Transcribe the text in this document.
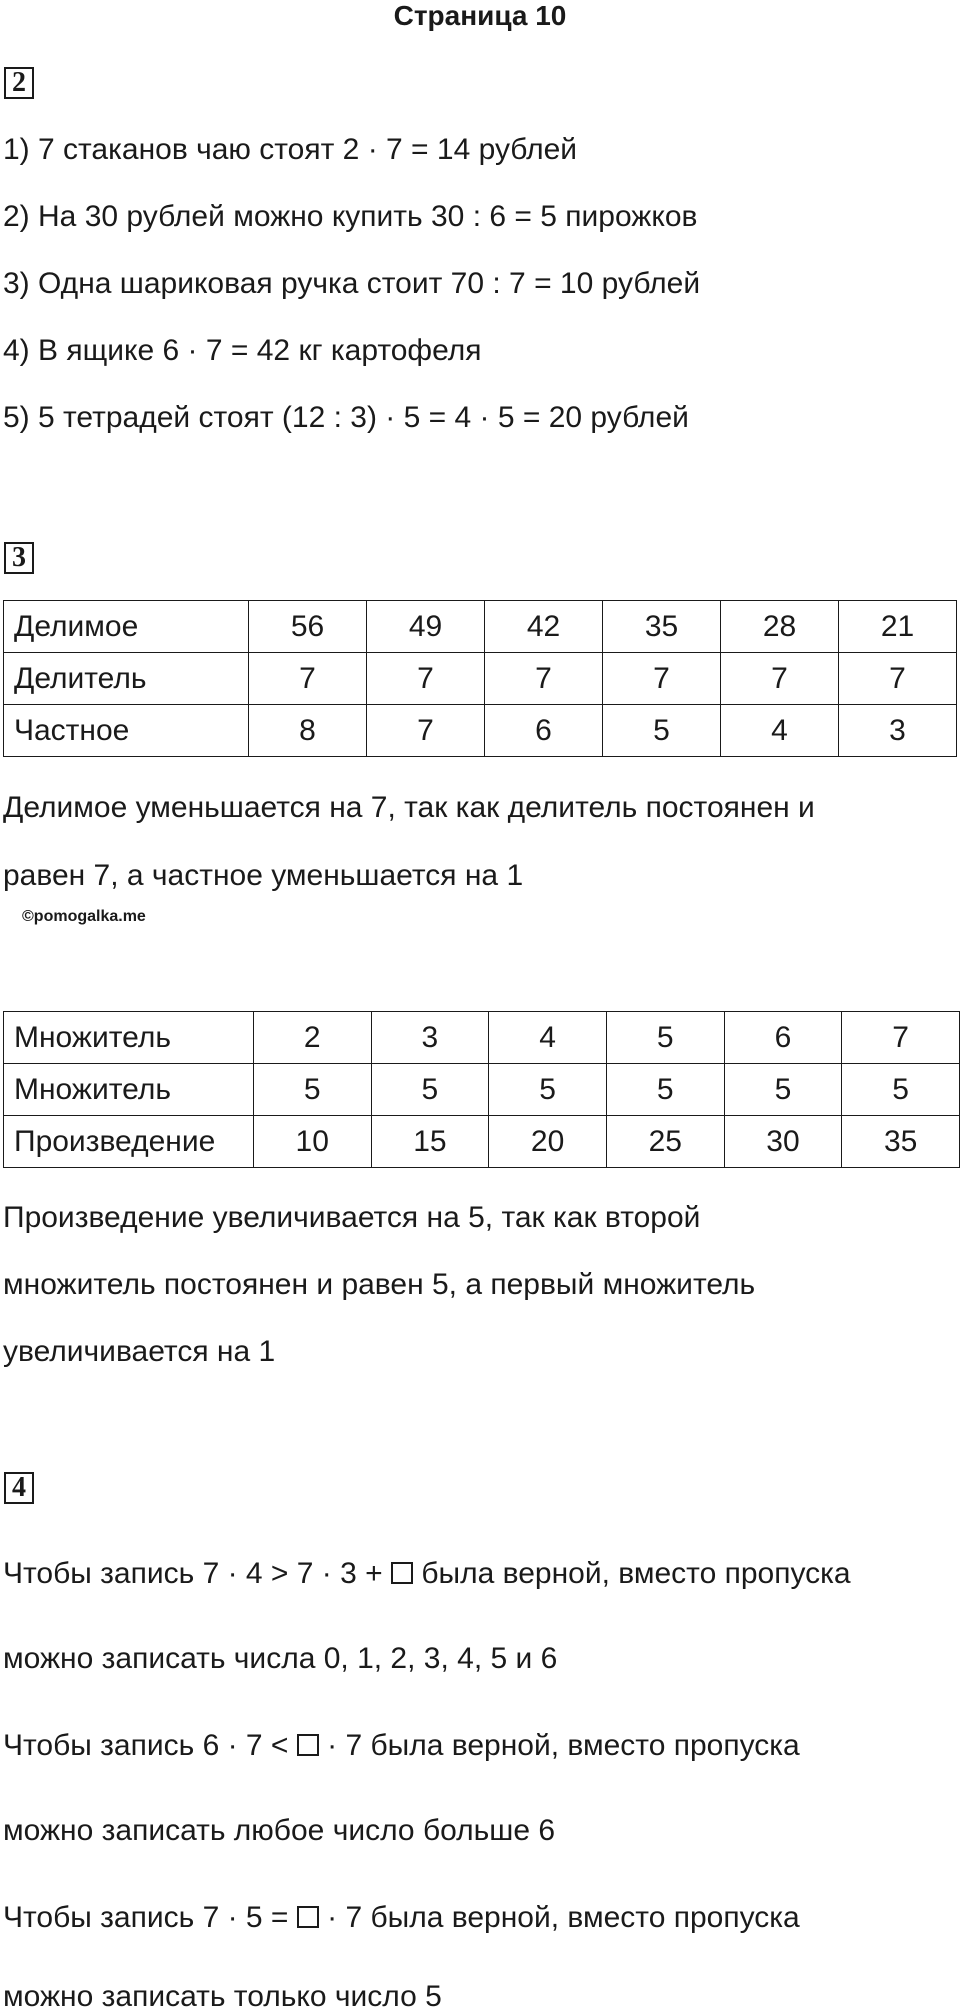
Страница 10
2
1) 7 стаканов чаю стоят 2 · 7 = 14 рублей
2) На 30 рублей можно купить 30 : 6 = 5 пирожков
3) Одна шариковая ручка стоит 70 : 7 = 10 рублей
4) В ящике 6 · 7 = 42 кг картофеля
5) 5 тетрадей стоят (12 : 3) · 5 = 4 · 5 = 20 рублей
3
Делимое	56	49	42	35	28	21
Делитель	7	7	7	7	7	7
Частное	8	7	6	5	4	3
Делимое уменьшается на 7, так как делитель постоянен и
равен 7, а частное уменьшается на 1
©pomogalka.me
Множитель	2	3	4	5	6	7
Множитель	5	5	5	5	5	5
Произведение	10	15	20	25	30	35
Произведение увеличивается на 5, так как второй
множитель постоянен и равен 5, а первый множитель
увеличивается на 1
4
Чтобы запись 7 · 4 > 7 · 3 +  была верной, вместо пропуска
можно записать числа 0, 1, 2, 3, 4, 5 и 6
Чтобы запись 6 · 7 <  · 7 была верной, вместо пропуска
можно записать любое число больше 6
Чтобы запись 7 · 5 =  · 7 была верной, вместо пропуска
можно записать только число 5
